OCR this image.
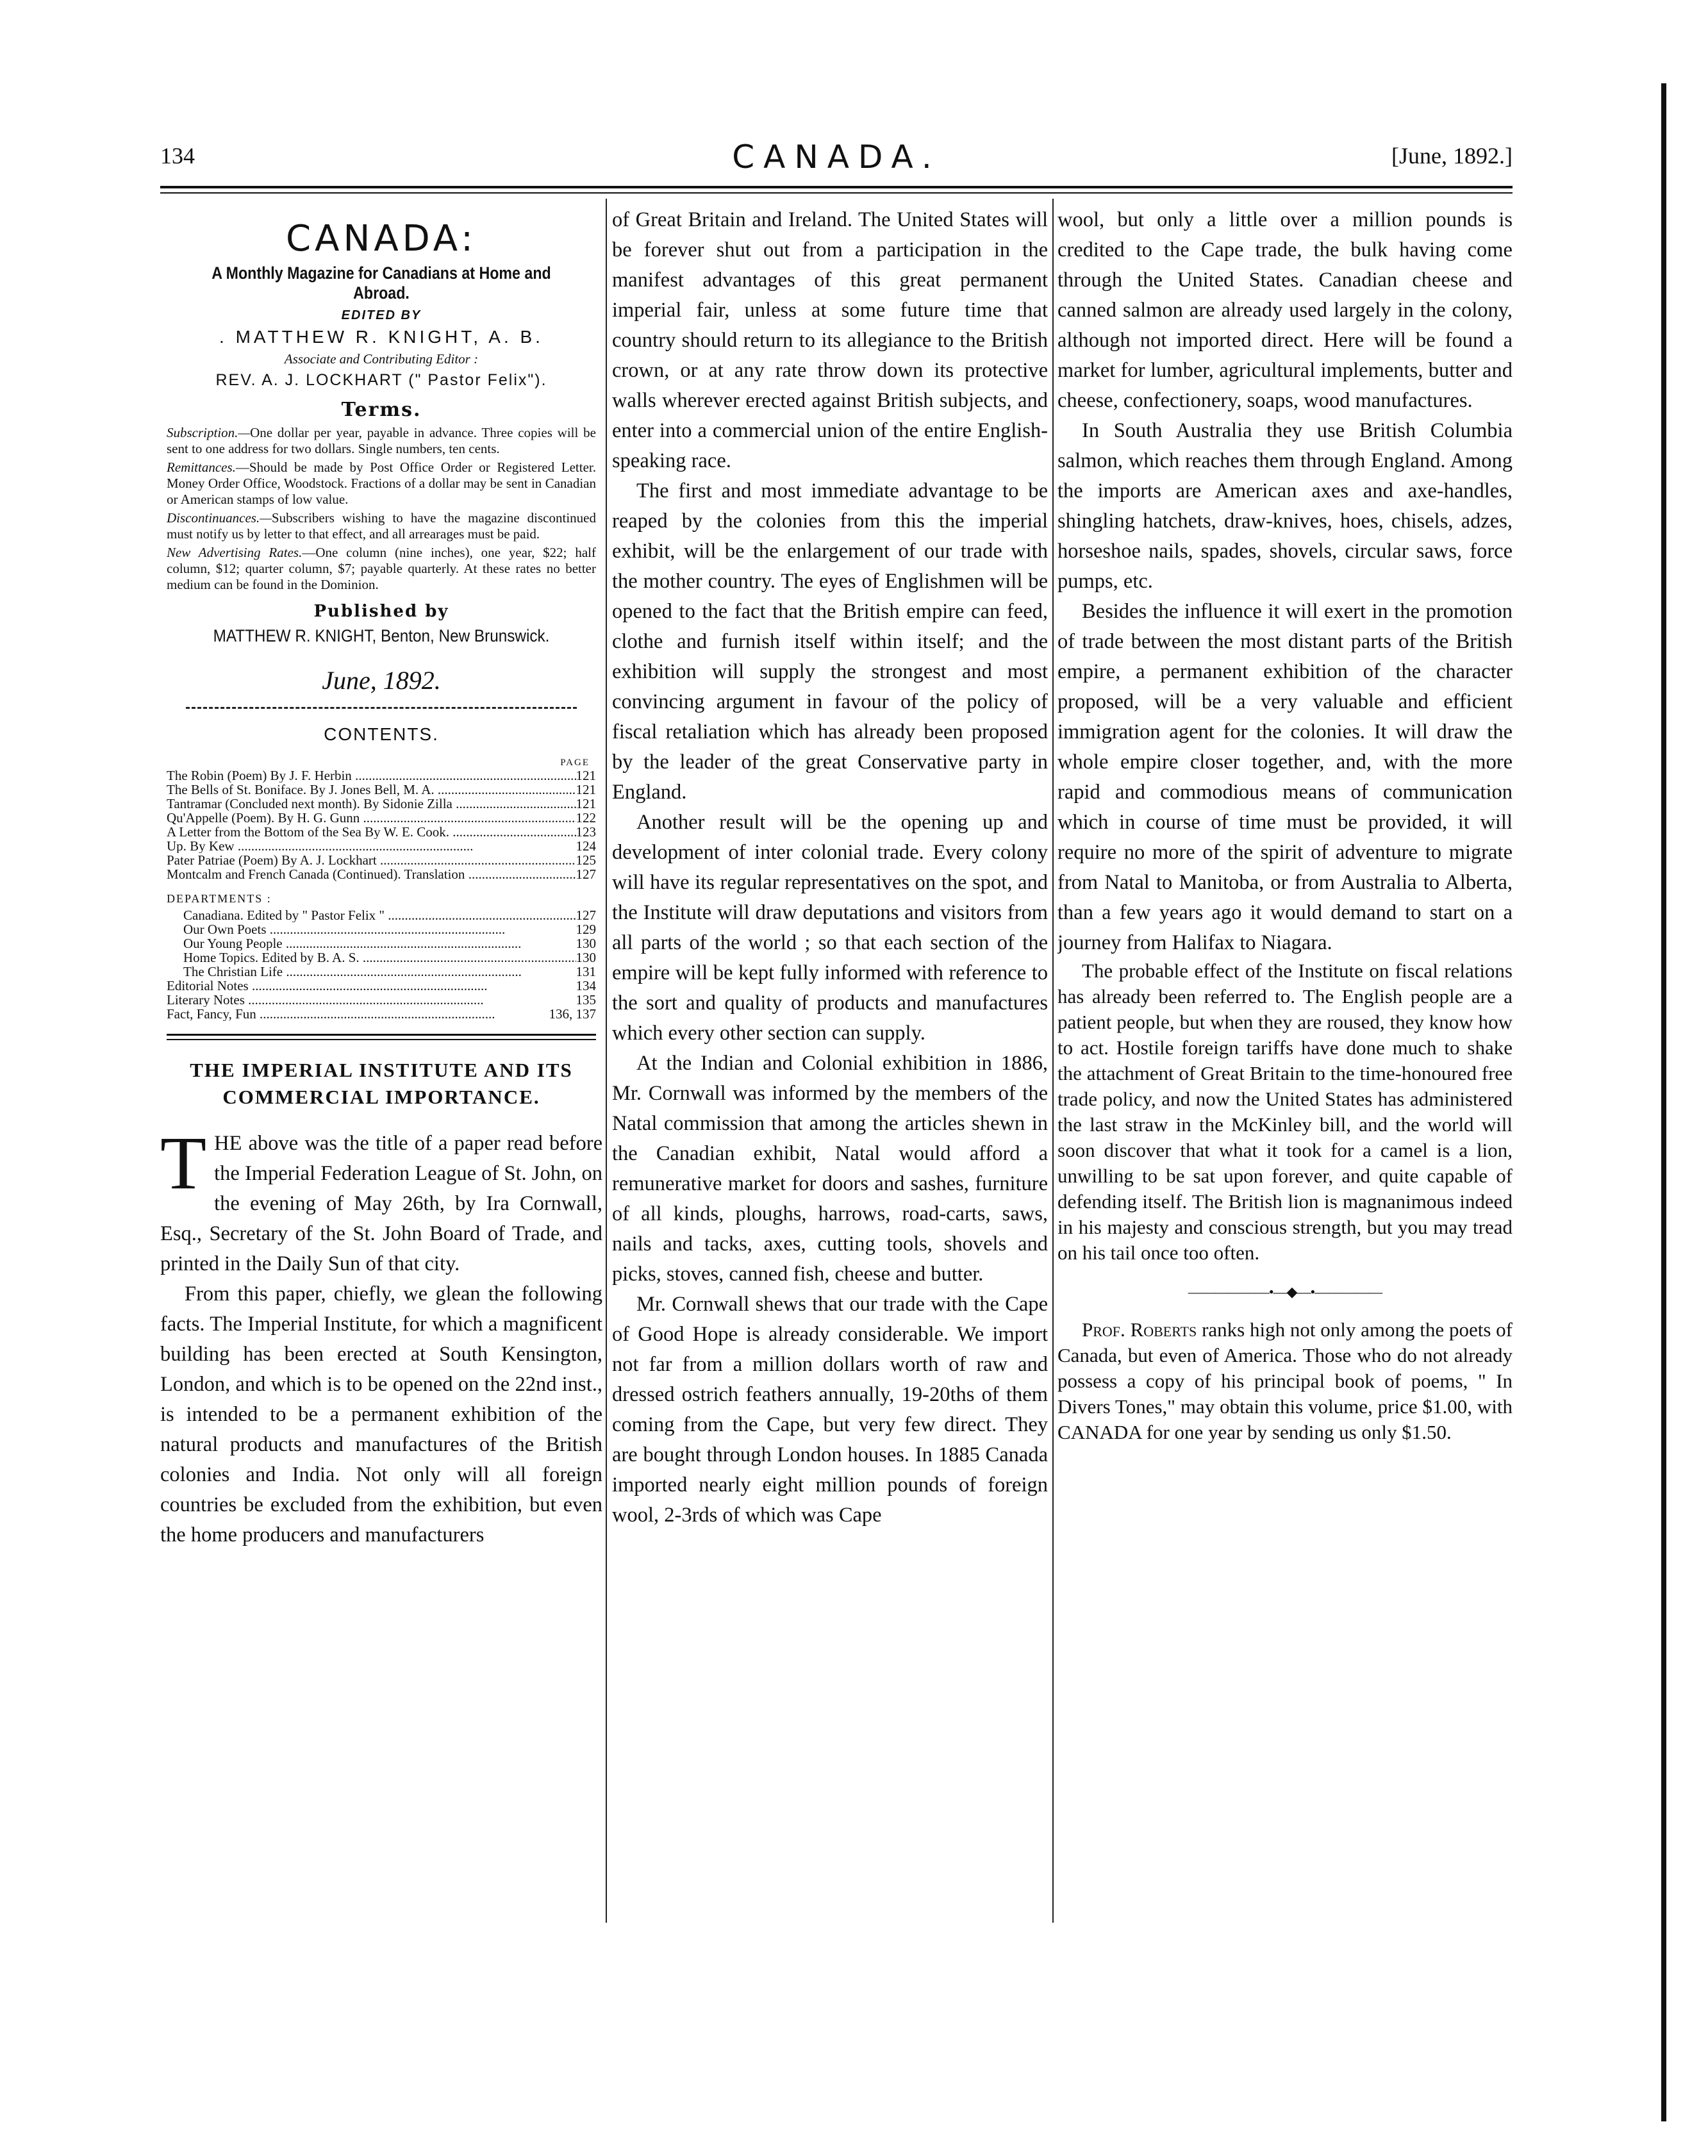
134	CANADA.	[June, 1892.]
CANADA:
A Monthly Magazine for Canadians at Home and Abroad.
EDITED BY
. MATTHEW R. KNIGHT, A. B.
Associate and Contributing Editor :
REV. A. J. LOCKHART (" Pastor Felix").
Terms.

Subscription.—One dollar per year, payable in advance. Three copies will be sent to one address for two dollars. Single numbers, ten cents.

Remittances.—Should be made by Post Office Order or Registered Letter. Money Order Office, Woodstock. Fractions of a dollar may be sent in Canadian or American stamps of low value.

Discontinuances.—Subscribers wishing to have the magazine discontinued must notify us by letter to that effect, and all arrearages must be paid.

New Advertising Rates.—One column (nine inches), one year, $22; half column, $12; quarter column, $7; payable quarterly. At these rates no better medium can be found in the Dominion.

Published by
MATTHEW R. KNIGHT, Benton, New Brunswick.
June, 1892.
CONTENTS.
PAGE
The Robin (Poem) By J. F. Herbin .....	121
The Bells of St. Boniface. By J. Jones Bell, M. A. .....	121
Tantramar (Concluded next month). By Sidonie Zilla .....	121
Qu'Appelle (Poem). By H. G. Gunn .....	122
A Letter from the Bottom of the Sea By W. E. Cook. .....	123
Up. By Kew .....	124
Pater Patriae (Poem) By A. J. Lockhart .....	125
Montcalm and French Canada (Continued). Translation .....	127
DEPARTMENTS :
Canadiana. Edited by " Pastor Felix " .....	127
Our Own Poets .....	129
Our Young People .....	130
Home Topics. Edited by B. A. S. .....	130
The Christian Life .....	131
Editorial Notes .....	134
Literary Notes .....	135
Fact, Fancy, Fun .....	136, 137
THE IMPERIAL INSTITUTE AND ITS
COMMERCIAL IMPORTANCE.

THE above was the title of a paper read before the Imperial Federation League of St. John, on the evening of May 26th, by Ira Cornwall, Esq., Secretary of the St. John Board of Trade, and printed in the Daily Sun of that city.

From this paper, chiefly, we glean the following facts. The Imperial Institute, for which a magnificent building has been erected at South Kensington, London, and which is to be opened on the 22nd inst., is intended to be a permanent exhibition of the natural products and manufactures of the British colonies and India. Not only will all foreign countries be excluded from the exhibition, but even the home producers and manufacturers

of Great Britain and Ireland. The United States will be forever shut out from a participation in the manifest advantages of this great permanent imperial fair, unless at some future time that country should return to its allegiance to the British crown, or at any rate throw down its protective walls wherever erected against British subjects, and enter into a commercial union of the entire English-speaking race.

The first and most immediate advantage to be reaped by the colonies from this the imperial exhibit, will be the enlargement of our trade with the mother country. The eyes of Englishmen will be opened to the fact that the British empire can feed, clothe and furnish itself within itself; and the exhibition will supply the strongest and most convincing argument in favour of the policy of fiscal retaliation which has already been proposed by the leader of the great Conservative party in England.

Another result will be the opening up and development of inter colonial trade. Every colony will have its regular representatives on the spot, and the Institute will draw deputations and visitors from all parts of the world ; so that each section of the empire will be kept fully informed with reference to the sort and quality of products and manufactures which every other section can supply.

At the Indian and Colonial exhibition in 1886, Mr. Cornwall was informed by the members of the Natal commission that among the articles shewn in the Canadian exhibit, Natal would afford a remunerative market for doors and sashes, furniture of all kinds, ploughs, harrows, road-carts, saws, nails and tacks, axes, cutting tools, shovels and picks, stoves, canned fish, cheese and butter.

Mr. Cornwall shews that our trade with the Cape of Good Hope is already considerable. We import not far from a million dollars worth of raw and dressed ostrich feathers annually, 19-20ths of them coming from the Cape, but very few direct. They are bought through London houses. In 1885 Canada imported nearly eight million pounds of foreign wool, 2-3rds of which was Cape

wool, but only a little over a million pounds is credited to the Cape trade, the bulk having come through the United States. Canadian cheese and canned salmon are already used largely in the colony, although not imported direct. Here will be found a market for lumber, agricultural implements, butter and cheese, confectionery, soaps, wood manufactures.

In South Australia they use British Columbia salmon, which reaches them through England. Among the imports are American axes and axe-handles, shingling hatchets, draw-knives, hoes, chisels, adzes, horseshoe nails, spades, shovels, circular saws, force pumps, etc.

Besides the influence it will exert in the promotion of trade between the most distant parts of the British empire, a permanent exhibition of the character proposed, will be a very valuable and efficient immigration agent for the colonies. It will draw the whole empire closer together, and, with the more rapid and commodious means of communication which in course of time must be provided, it will require no more of the spirit of adventure to migrate from Natal to Manitoba, or from Australia to Alberta, than a few years ago it would demand to start on a journey from Halifax to Niagara.

The probable effect of the Institute on fiscal relations has already been referred to. The English people are a patient people, but when they are roused, they know how to act. Hostile foreign tariffs have done much to shake the attachment of Great Britain to the time-honoured free trade policy, and now the United States has administered the last straw in the McKinley bill, and the world will soon discover that what it took for a camel is a lion, unwilling to be sat upon forever, and quite capable of defending itself. The British lion is magnanimous indeed in his majesty and conscious strength, but you may tread on his tail once too often.

——————•—◆—•—————

Prof. Roberts ranks high not only among the poets of Canada, but even of America. Those who do not already possess a copy of his principal book of poems, " In Divers Tones," may obtain this volume, price $1.00, with CANADA for one year by sending us only $1.50.
